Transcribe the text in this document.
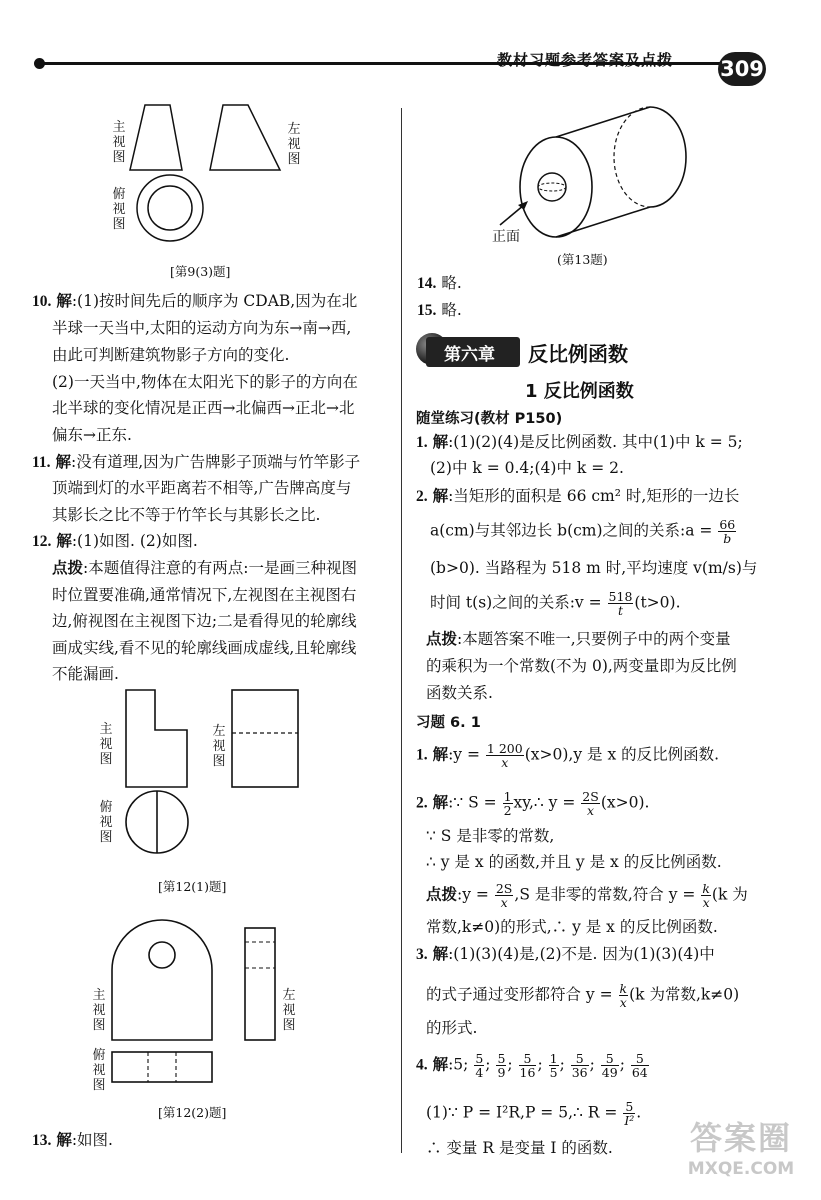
教材习题参考答案及点拨 309
主视图
左视图
俯视图
[第9(3)题]
10. 解:(1)按时间先后的顺序为 CDAB,因为在北
半球一天当中,太阳的运动方向为东→南→西,
由此可判断建筑物影子方向的变化.
(2)一天当中,物体在太阳光下的影子的方向在
北半球的变化情况是正西→北偏西→正北→北
偏东→正东.
11. 解:没有道理,因为广告牌影子顶端与竹竿影子
顶端到灯的水平距离若不相等,广告牌高度与
其影长之比不等于竹竿长与其影长之比.
12. 解:(1)如图. (2)如图.
点拨:本题值得注意的有两点:一是画三种视图
时位置要准确,通常情况下,左视图在主视图右
边,俯视图在主视图下边;二是看得见的轮廓线
画成实线,看不见的轮廓线画成虚线,且轮廓线
不能漏画.
主视图
左视图
俯视图
[第12(1)题]
主视图
左视图
俯视图
[第12(2)题]
13. 解:如图.
正面
(第13题)
14. 略.
15. 略.
第六章 反比例函数
1 反比例函数
随堂练习(教材 P150)
1. 解:(1)(2)(4)是反比例函数. 其中(1)中 k = 5;
(2)中 k = 0.4;(4)中 k = 2.
2. 解:当矩形的面积是 66 cm² 时,矩形的一边长
a(cm)与其邻边长 b(cm)之间的关系:a = $\frac{66}{b}$
(b>0). 当路程为 518 m 时,平均速度 v(m/s)与
时间 t(s)之间的关系:v = $\frac{518}{t} (t>0)$.
点拨:本题答案不唯一,只要例子中的两个变量
的乘积为一个常数(不为 0),两变量即为反比例
函数关系.
习题 6. 1
1. 解:y = $\frac{1 200}{x} (x>0),y$ 是 x 的反比例函数.
2. 解:∵ $S = \frac{1}{2}$ xy,∴ $y = \frac{2S}{x} (x>0)$.
∵ S 是非零的常数,
∴ y 是 x 的函数,并且 y 是 x 的反比例函数.
点拨:y = $\frac{2S}{x} ,S$ 是非零的常数,符合 $y = \frac{k}{x} (k$ 为
常数,k≠0)的形式,∴ y 是 x 的反比例函数.
3. 解:(1)(3)(4)是,(2)不是. 因为(1)(3)(4)中
的式子通过变形都符合 $y = \frac{k}{x} (k$ 为常数,k≠0)
的形式.
4. 解:5; $\frac{5}{4}$ ; $\frac{5}{9}$ ; $\frac{5}{16}$ ; $\frac{1}{5}$ ; $\frac{5}{36}$ ; $\frac{5}{49}$ ; $\frac{5}{64}$
(1)∵ P = I²R,P = 5,∴ $R = \frac{5}{\text{I²}}$ .
∴ 变量 R 是变量 I 的函数.	答案圈
MXQE.COM
